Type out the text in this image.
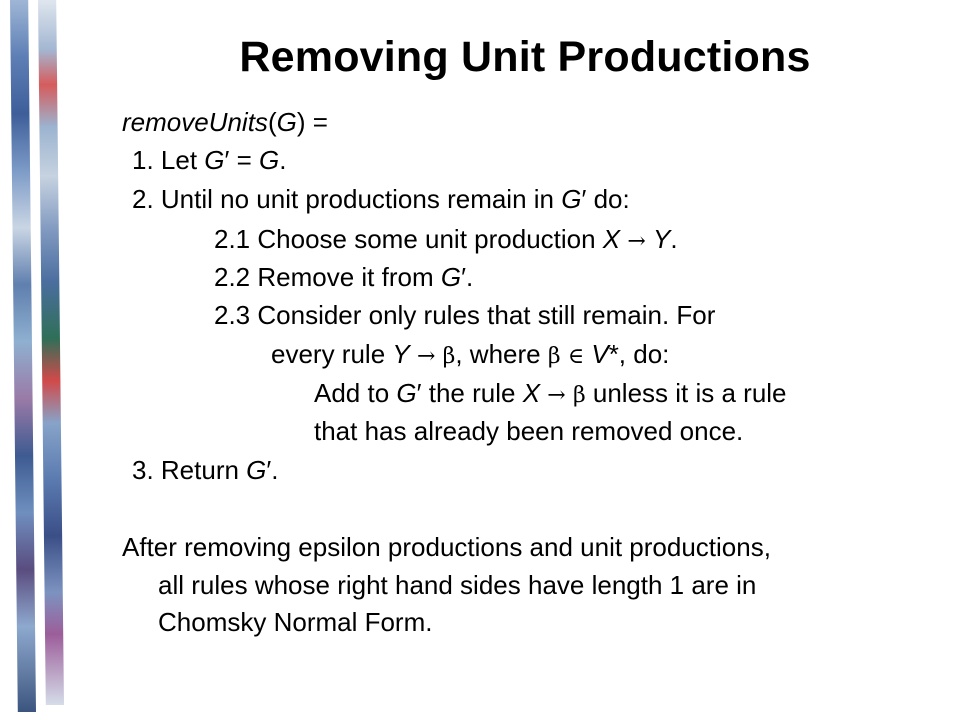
Removing Unit Productions
removeUnits(G) =
1. Let G′ = G.
2. Until no unit productions remain in G′ do:
2.1 Choose some unit production X → Y.
2.2 Remove it from G′.
2.3 Consider only rules that still remain. For
every rule Y → β, where β ∈ V*, do:
Add to G′ the rule X → β unless it is a rule
that has already been removed once.
3. Return G′.
After removing epsilon productions and unit productions,
all rules whose right hand sides have length 1 are in
Chomsky Normal Form.
